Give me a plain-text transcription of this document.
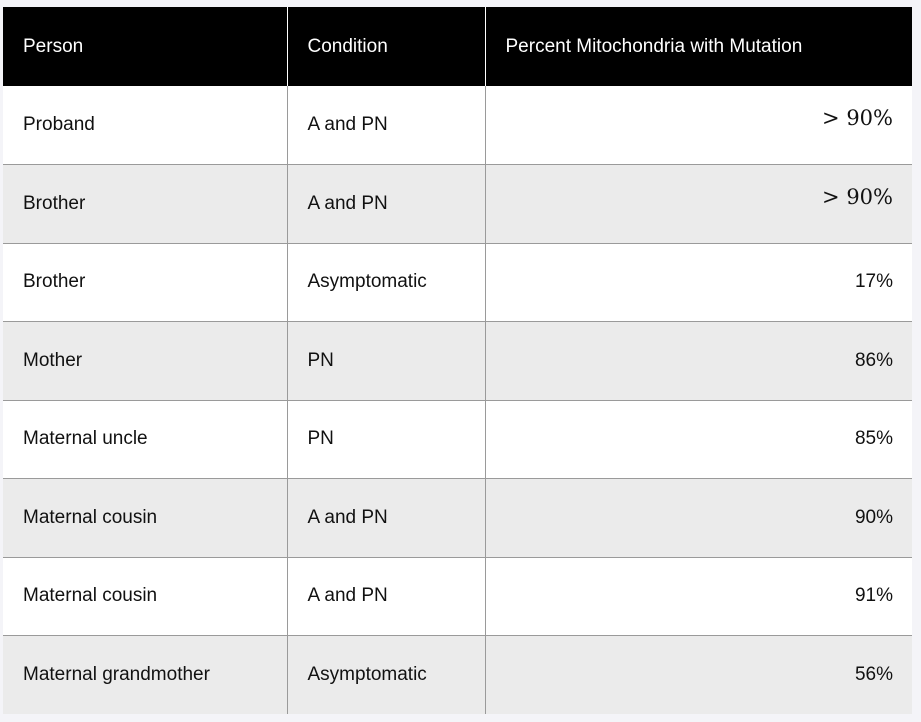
Person	Condition	Percent Mitochondria with Mutation
Proband	A and PN	> 90%
Brother	A and PN	> 90%
Brother	Asymptomatic	17%
Mother	PN	86%
Maternal uncle	PN	85%
Maternal cousin	A and PN	90%
Maternal cousin	A and PN	91%
Maternal grandmother	Asymptomatic	56%
